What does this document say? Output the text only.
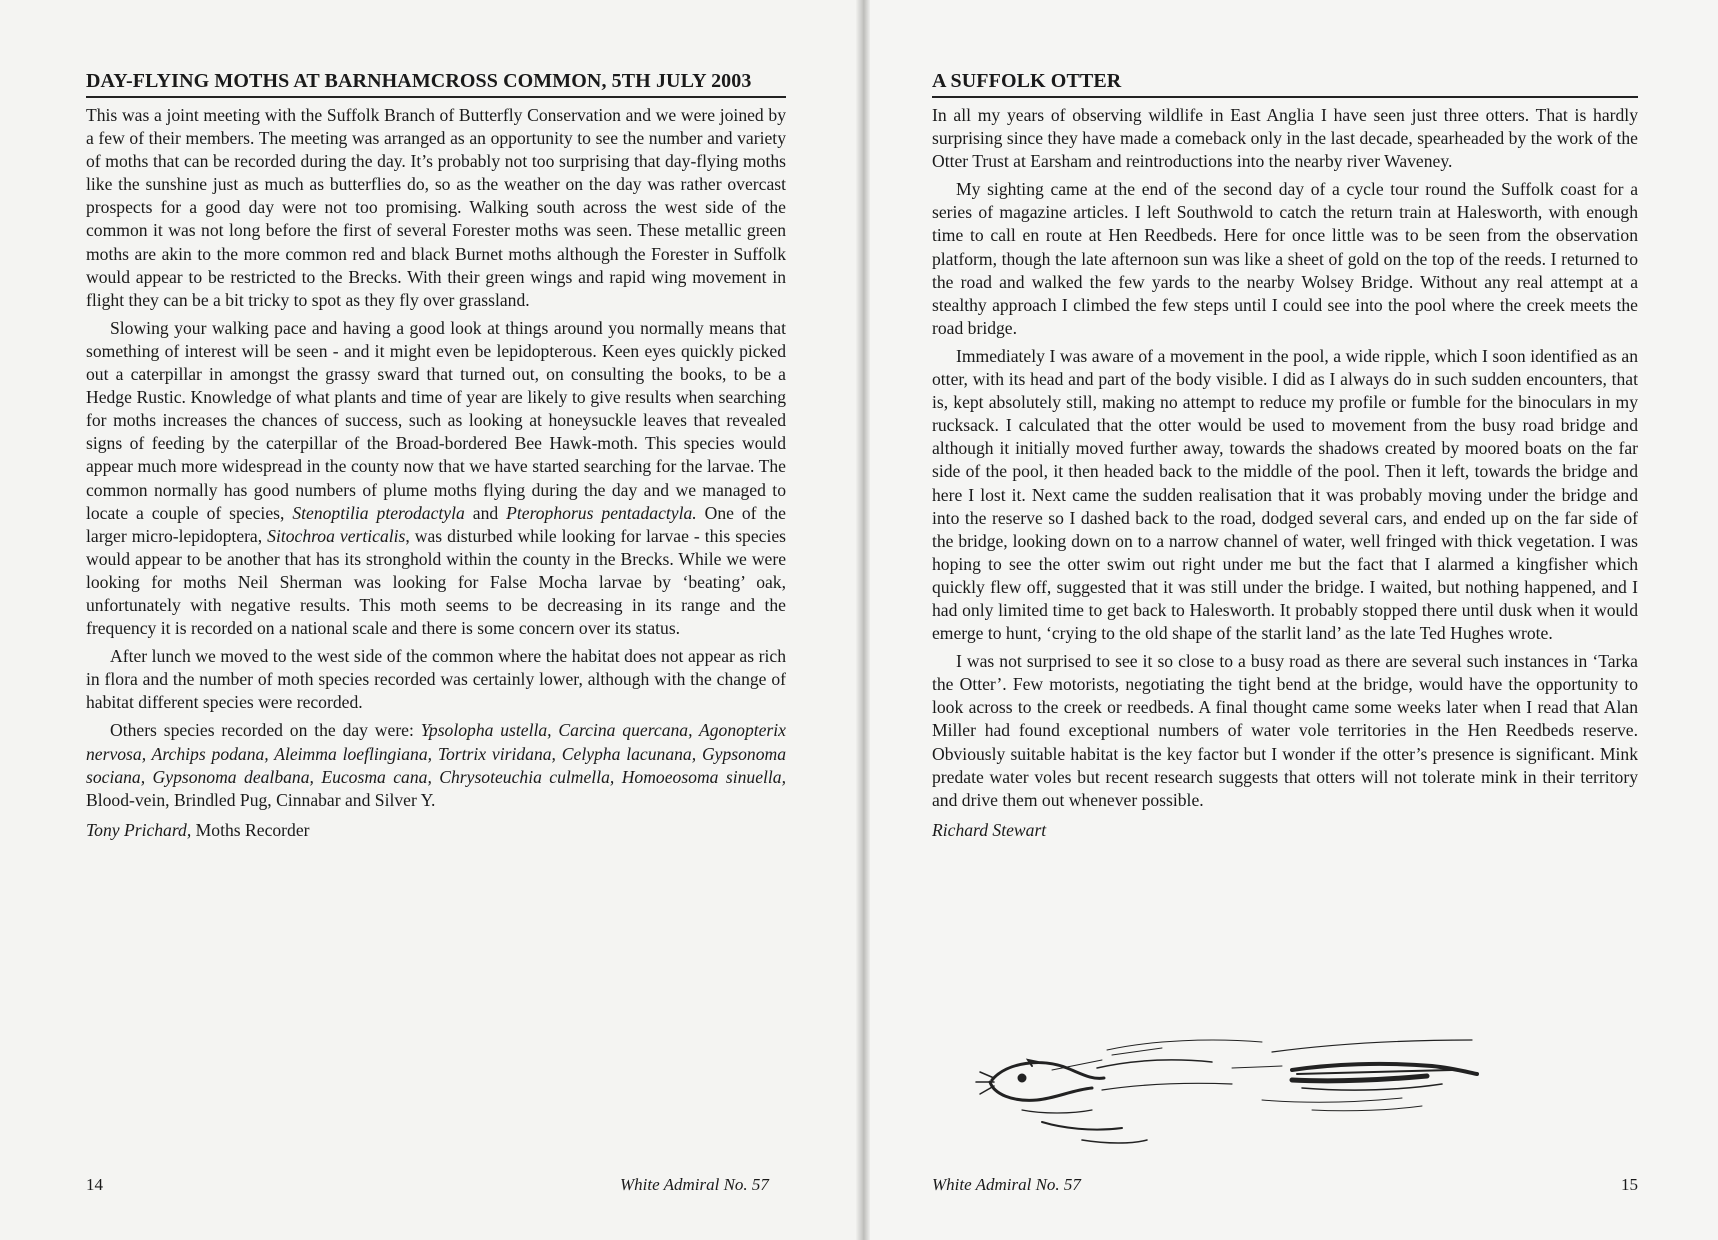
DAY-FLYING MOTHS AT BARNHAMCROSS COMMON, 5TH JULY 2003

This was a joint meeting with the Suffolk Branch of Butterfly Conservation and we were joined by a few of their members. The meeting was arranged as an opportunity to see the number and variety of moths that can be recorded during the day. It’s probably not too surprising that day-flying moths like the sunshine just as much as butterflies do, so as the weather on the day was rather overcast prospects for a good day were not too promising. Walking south across the west side of the common it was not long before the first of several Forester moths was seen. These metallic green moths are akin to the more common red and black Burnet moths although the Forester in Suffolk would appear to be restricted to the Brecks. With their green wings and rapid wing movement in flight they can be a bit tricky to spot as they fly over grassland.

Slowing your walking pace and having a good look at things around you normally means that something of interest will be seen - and it might even be lepidopterous. Keen eyes quickly picked out a caterpillar in amongst the grassy sward that turned out, on consulting the books, to be a Hedge Rustic. Knowledge of what plants and time of year are likely to give results when searching for moths increases the chances of success, such as looking at honeysuckle leaves that revealed signs of feeding by the caterpillar of the Broad-bordered Bee Hawk-moth. This species would appear much more widespread in the county now that we have started searching for the larvae. The common normally has good numbers of plume moths flying during the day and we managed to locate a couple of species, Stenoptilia pterodactyla and Pterophorus pentadactyla. One of the larger micro-lepidoptera, Sitochroa verticalis, was disturbed while looking for larvae - this species would appear to be another that has its stronghold within the county in the Brecks. While we were looking for moths Neil Sherman was looking for False Mocha larvae by ‘beating’ oak, unfortunately with negative results. This moth seems to be decreasing in its range and the frequency it is recorded on a national scale and there is some concern over its status.

After lunch we moved to the west side of the common where the habitat does not appear as rich in flora and the number of moth species recorded was certainly lower, although with the change of habitat different species were recorded.

Others species recorded on the day were: Ypsolopha ustella, Carcina quercana, Agonopterix nervosa, Archips podana, Aleimma loeflingiana, Tortrix viridana, Celypha lacunana, Gypsonoma sociana, Gypsonoma dealbana, Eucosma cana, Chrysoteuchia culmella, Homoeosoma sinuella, Blood-vein, Brindled Pug, Cinnabar and Silver Y.

Tony Prichard, Moths Recorder

14	White Admiral No. 57
A SUFFOLK OTTER

In all my years of observing wildlife in East Anglia I have seen just three otters. That is hardly surprising since they have made a comeback only in the last decade, spearheaded by the work of the Otter Trust at Earsham and reintroductions into the nearby river Waveney.

My sighting came at the end of the second day of a cycle tour round the Suffolk coast for a series of magazine articles. I left Southwold to catch the return train at Halesworth, with enough time to call en route at Hen Reedbeds. Here for once little was to be seen from the observation platform, though the late afternoon sun was like a sheet of gold on the top of the reeds. I returned to the road and walked the few yards to the nearby Wolsey Bridge. Without any real attempt at a stealthy approach I climbed the few steps until I could see into the pool where the creek meets the road bridge.

Immediately I was aware of a movement in the pool, a wide ripple, which I soon identified as an otter, with its head and part of the body visible. I did as I always do in such sudden encounters, that is, kept absolutely still, making no attempt to reduce my profile or fumble for the binoculars in my rucksack. I calculated that the otter would be used to movement from the busy road bridge and although it initially moved further away, towards the shadows created by moored boats on the far side of the pool, it then headed back to the middle of the pool. Then it left, towards the bridge and here I lost it. Next came the sudden realisation that it was probably moving under the bridge and into the reserve so I dashed back to the road, dodged several cars, and ended up on the far side of the bridge, looking down on to a narrow channel of water, well fringed with thick vegetation. I was hoping to see the otter swim out right under me but the fact that I alarmed a kingfisher which quickly flew off, suggested that it was still under the bridge. I waited, but nothing happened, and I had only limited time to get back to Halesworth. It probably stopped there until dusk when it would emerge to hunt, ‘crying to the old shape of the starlit land’ as the late Ted Hughes wrote.

I was not surprised to see it so close to a busy road as there are several such instances in ‘Tarka the Otter’. Few motorists, negotiating the tight bend at the bridge, would have the opportunity to look across to the creek or reedbeds. A final thought came some weeks later when I read that Alan Miller had found exceptional numbers of water vole territories in the Hen Reedbeds reserve. Obviously suitable habitat is the key factor but I wonder if the otter’s presence is significant. Mink predate water voles but recent research suggests that otters will not tolerate mink in their territory and drive them out whenever possible.

Richard Stewart

White Admiral No. 57	15
